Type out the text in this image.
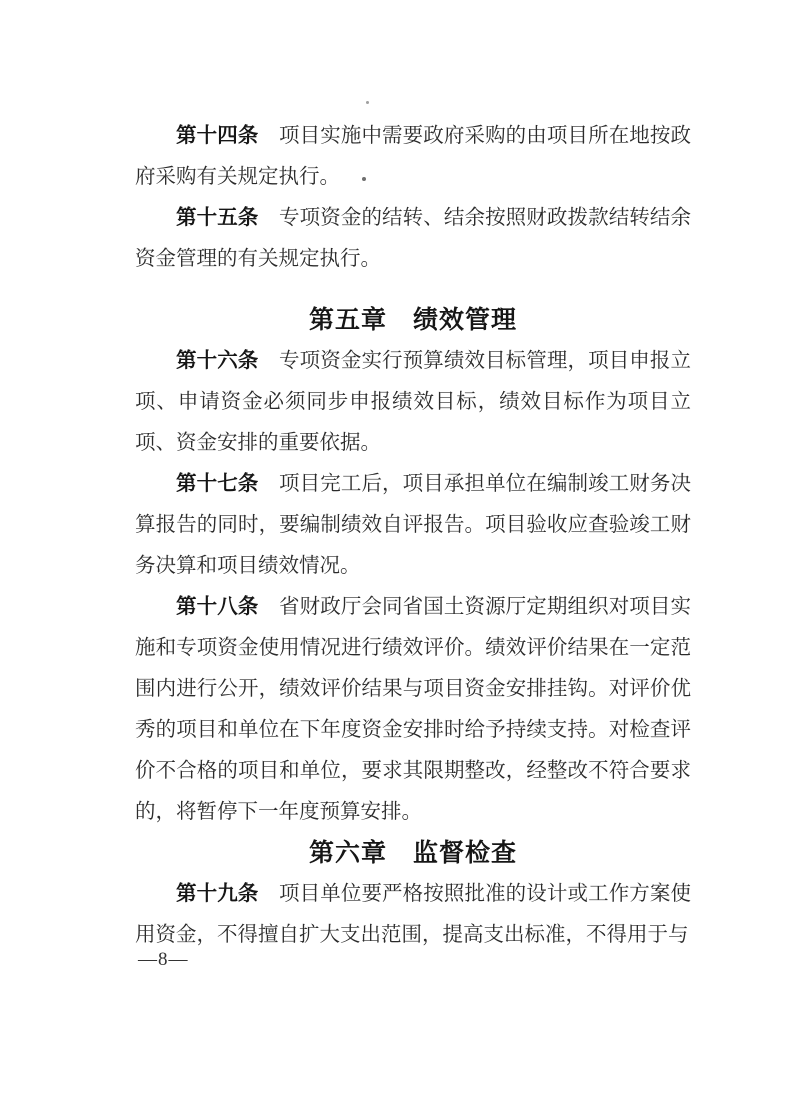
第十四条　项目实施中需要政府采购的由项目所在地按政府采购有关规定执行。

第十五条　专项资金的结转、结余按照财政拨款结转结余资金管理的有关规定执行。

第五章　绩效管理

第十六条　专项资金实行预算绩效目标管理，项目申报立项、申请资金必须同步申报绩效目标，绩效目标作为项目立项、资金安排的重要依据。

第十七条　项目完工后，项目承担单位在编制竣工财务决算报告的同时，要编制绩效自评报告。项目验收应查验竣工财务决算和项目绩效情况。

第十八条　省财政厅会同省国土资源厅定期组织对项目实施和专项资金使用情况进行绩效评价。绩效评价结果在一定范围内进行公开，绩效评价结果与项目资金安排挂钩。对评价优秀的项目和单位在下年度资金安排时给予持续支持。对检查评价不合格的项目和单位，要求其限期整改，经整改不符合要求的，将暂停下一年度预算安排。

第六章　监督检查

第十九条　项目单位要严格按照批准的设计或工作方案使用资金，不得擅自扩大支出范围，提高支出标准，不得用于与

—8—
